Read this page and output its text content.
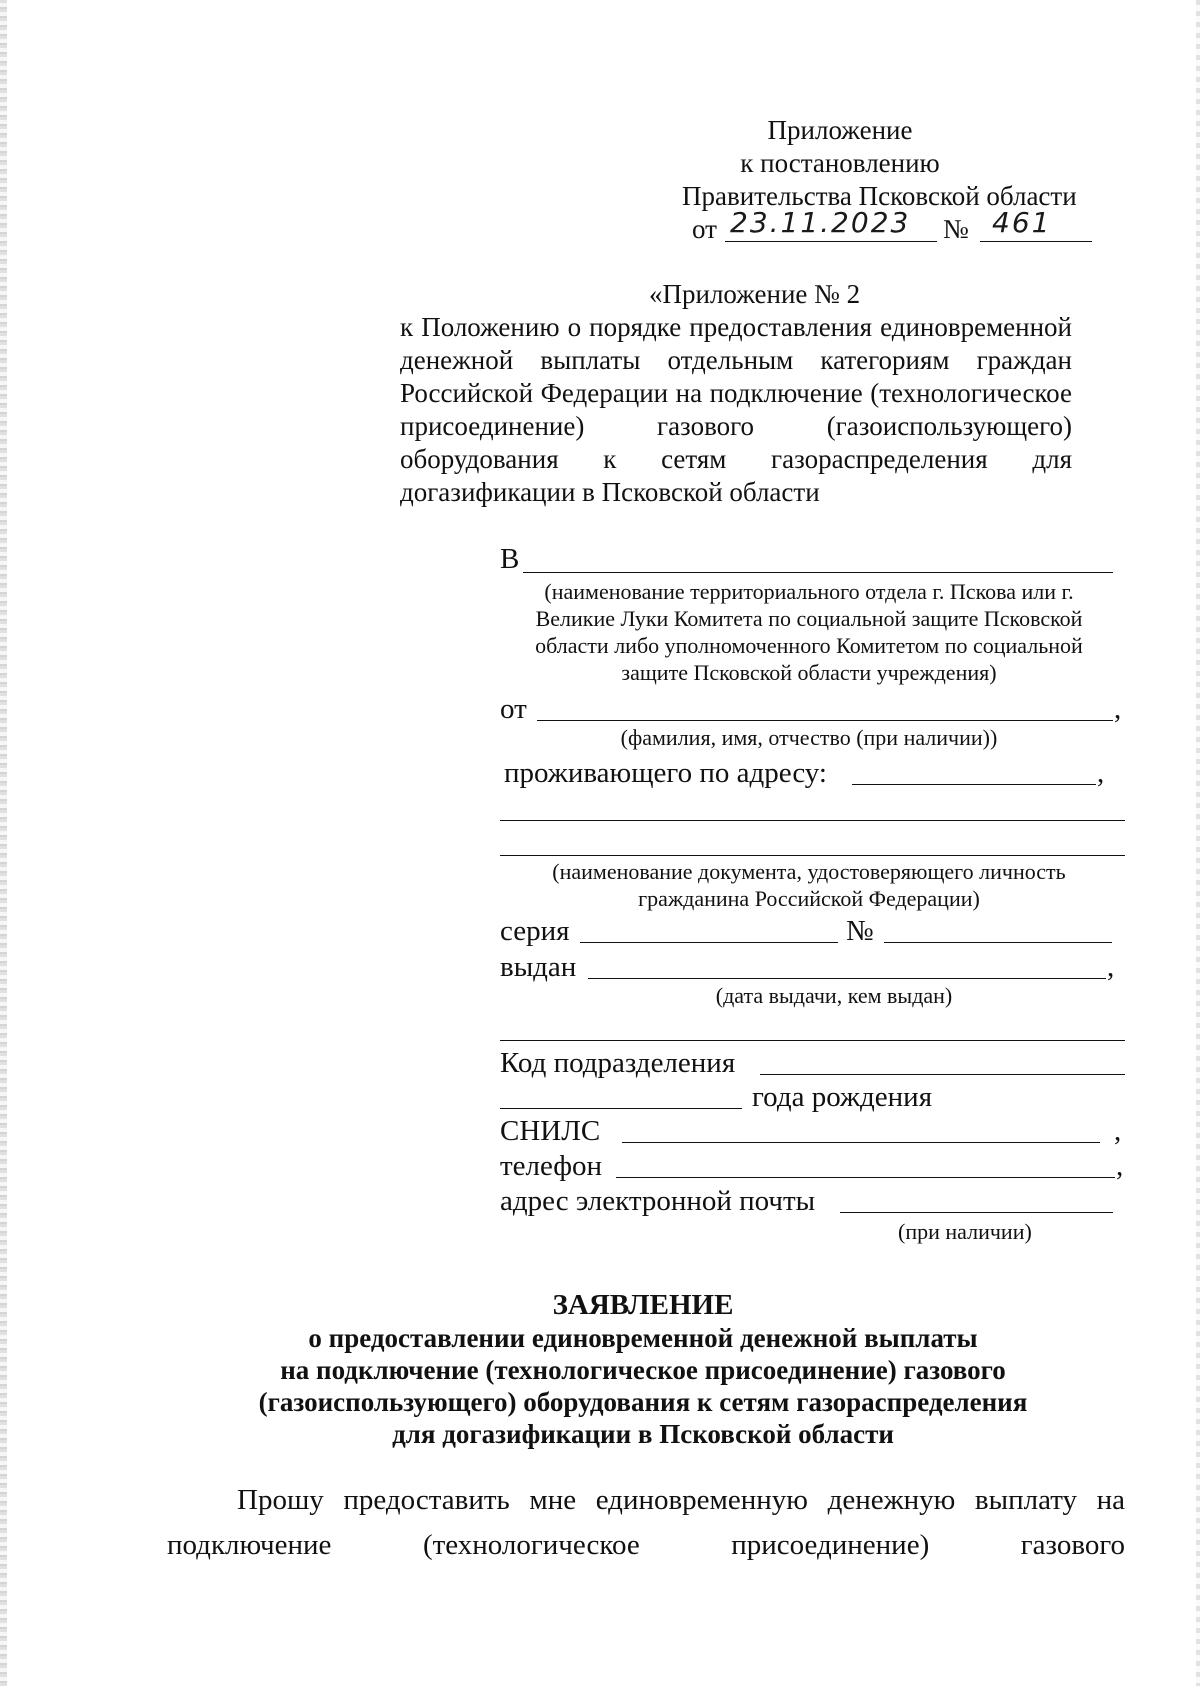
Приложение
к постановлению
Правительства Псковской области
от 23.11.2023 № 461
«Приложение № 2
к Положению о порядке предоставления единовременной
денежной выплаты отдельным категориям граждан
Российской Федерации на подключение (технологическое
присоединение) газового (газоиспользующего)
оборудования к сетям газораспределения для
догазификации в Псковской области
В
(наименование территориального отдела г. Пскова или г.
Великие Луки Комитета по социальной защите Псковской
области либо уполномоченного Комитетом по социальной
защите Псковской области учреждения)
от	,
(фамилия, имя, отчество (при наличии))
проживающего по адресу:	,
(наименование документа, удостоверяющего личность
гражданина Российской Федерации)
серия	№
выдан	,
(дата выдачи, кем выдан)
Код подразделения
года рождения
СНИЛС	,
телефон	,
адрес электронной почты
(при наличии)
ЗАЯВЛЕНИЕ
о предоставлении единовременной денежной выплаты
на подключение (технологическое присоединение) газового
(газоиспользующего) оборудования к сетям газораспределения
для догазификации в Псковской области
Прошу предоставить мне единовременную денежную выплату на
подключение (технологическое присоединение) газового
